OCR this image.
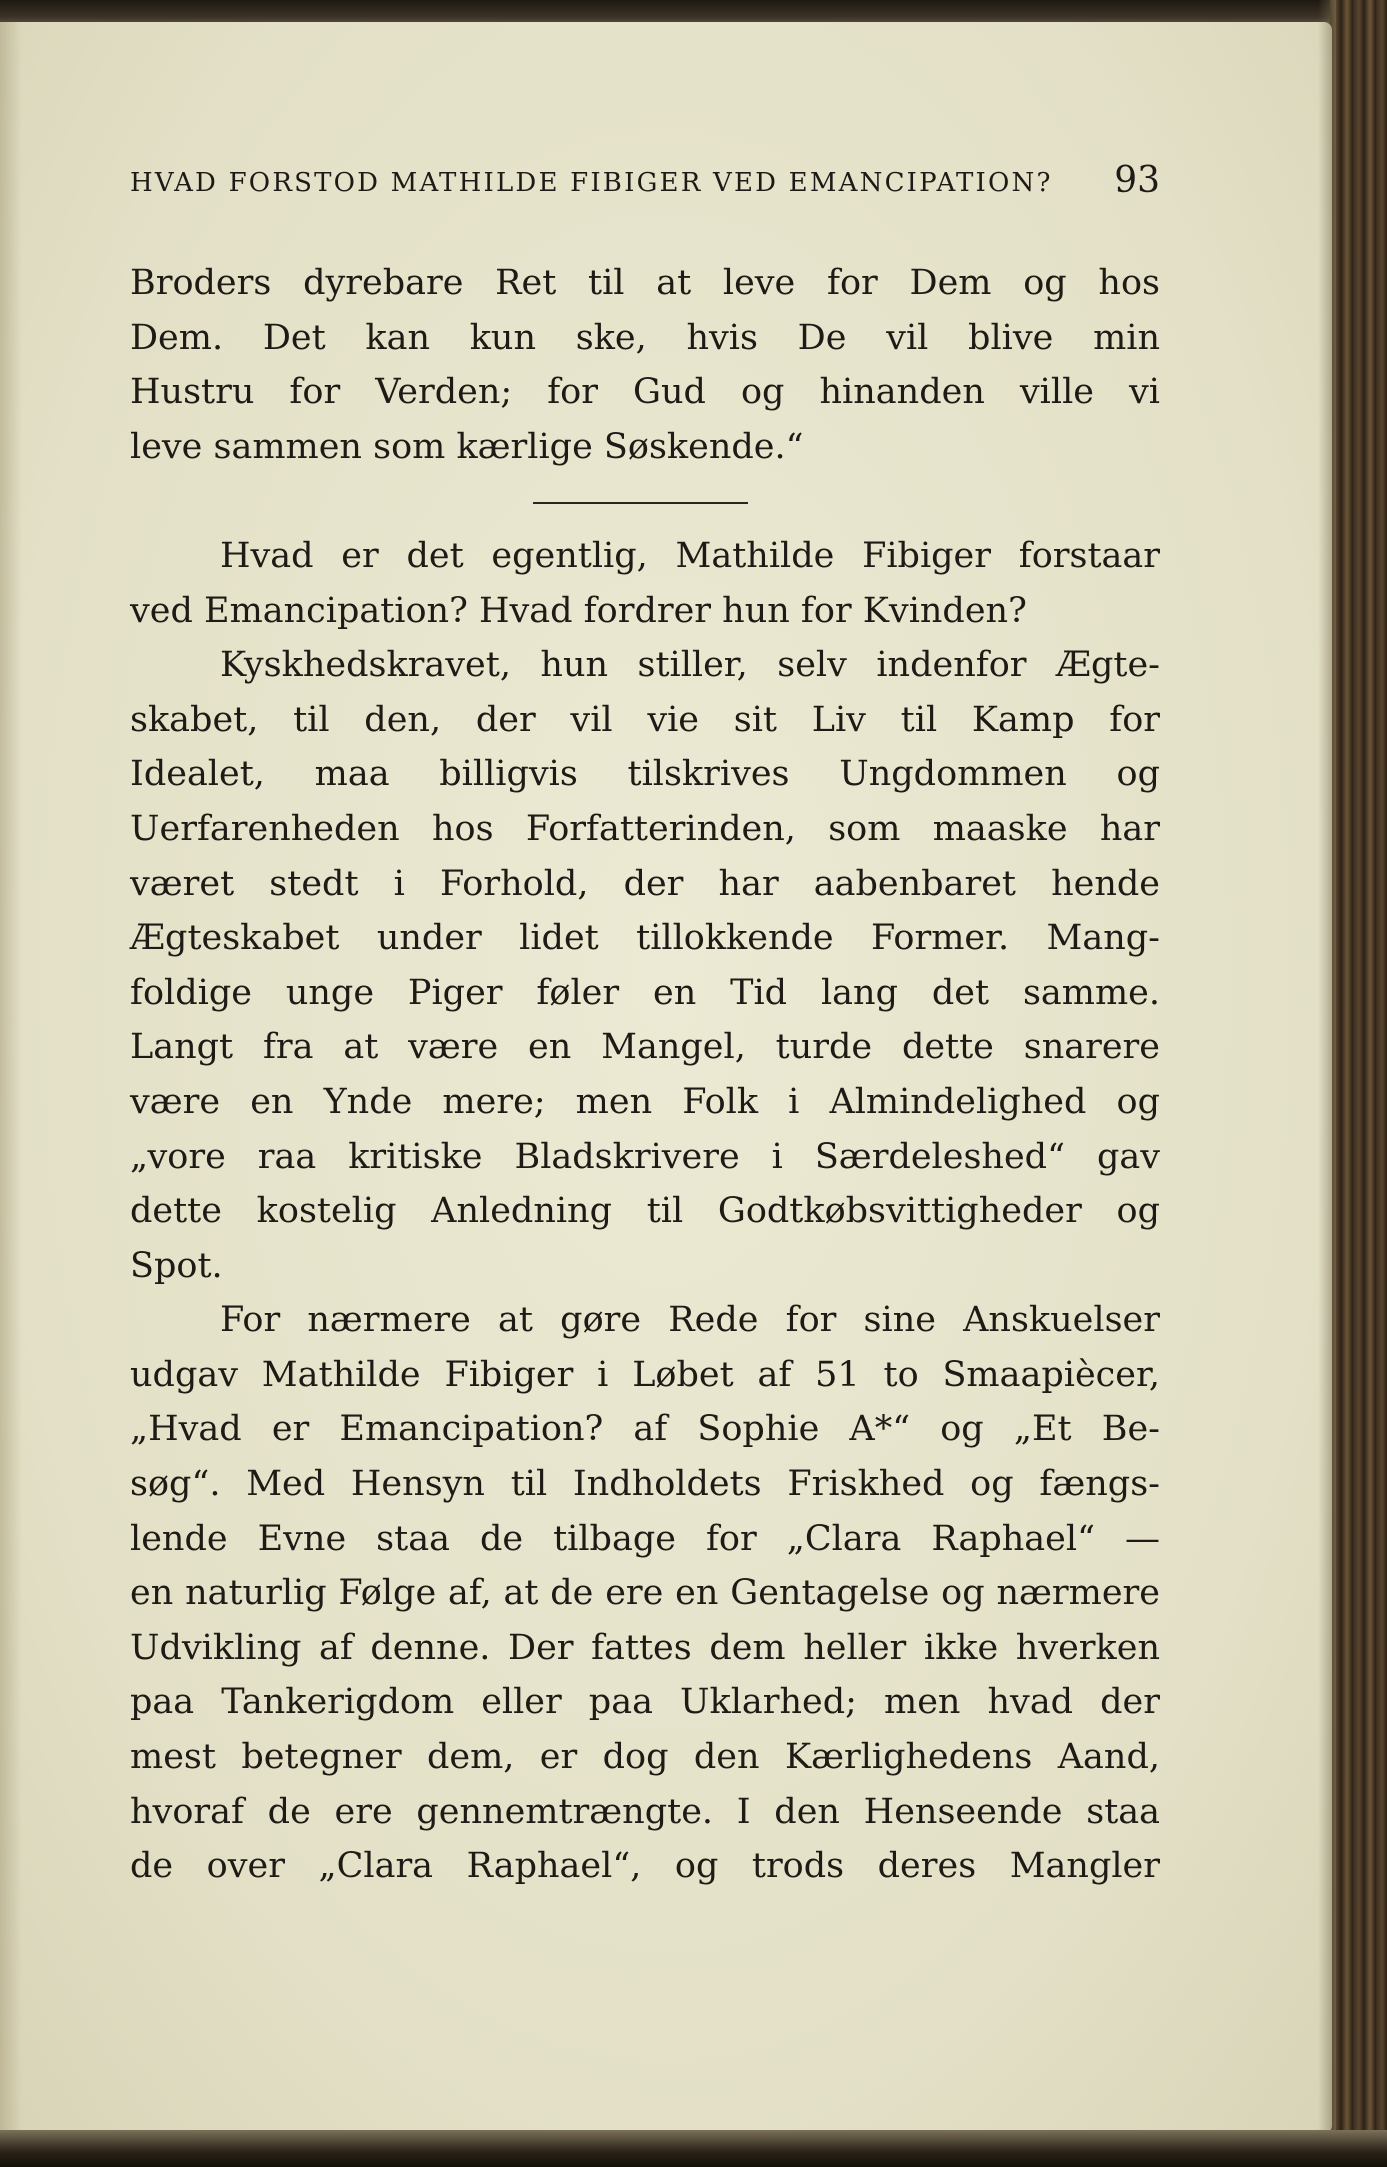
HVAD FORSTOD MATHILDE FIBIGER VED EMANCIPATION? 93
Broders dyrebare Ret til at leve for Dem og hos
Dem. Det kan kun ske, hvis De vil blive min
Hustru for Verden; for Gud og hinanden ville vi
leve sammen som kærlige Søskende.“
Hvad er det egentlig, Mathilde Fibiger forstaar
ved Emancipation? Hvad fordrer hun for Kvinden?
Kyskhedskravet, hun stiller, selv indenfor Ægte-
skabet, til den, der vil vie sit Liv til Kamp for
Idealet, maa billigvis tilskrives Ungdommen og
Uerfarenheden hos Forfatterinden, som maaske har
været stedt i Forhold, der har aabenbaret hende
Ægteskabet under lidet tillokkende Former. Mang-
foldige unge Piger føler en Tid lang det samme.
Langt fra at være en Mangel, turde dette snarere
være en Ynde mere; men Folk i Almindelighed og
„vore raa kritiske Bladskrivere i Særdeleshed“ gav
dette kostelig Anledning til Godtkøbsvittigheder og
Spot.
For nærmere at gøre Rede for sine Anskuelser
udgav Mathilde Fibiger i Løbet af 51 to Smaapiècer,
„Hvad er Emancipation? af Sophie A*“ og „Et Be-
søg“. Med Hensyn til Indholdets Friskhed og fængs-
lende Evne staa de tilbage for „Clara Raphael“ —
en naturlig Følge af, at de ere en Gentagelse og nærmere
Udvikling af denne. Der fattes dem heller ikke hverken
paa Tankerigdom eller paa Uklarhed; men hvad der
mest betegner dem, er dog den Kærlighedens Aand,
hvoraf de ere gennemtrængte. I den Henseende staa
de over „Clara Raphael“, og trods deres Mangler
